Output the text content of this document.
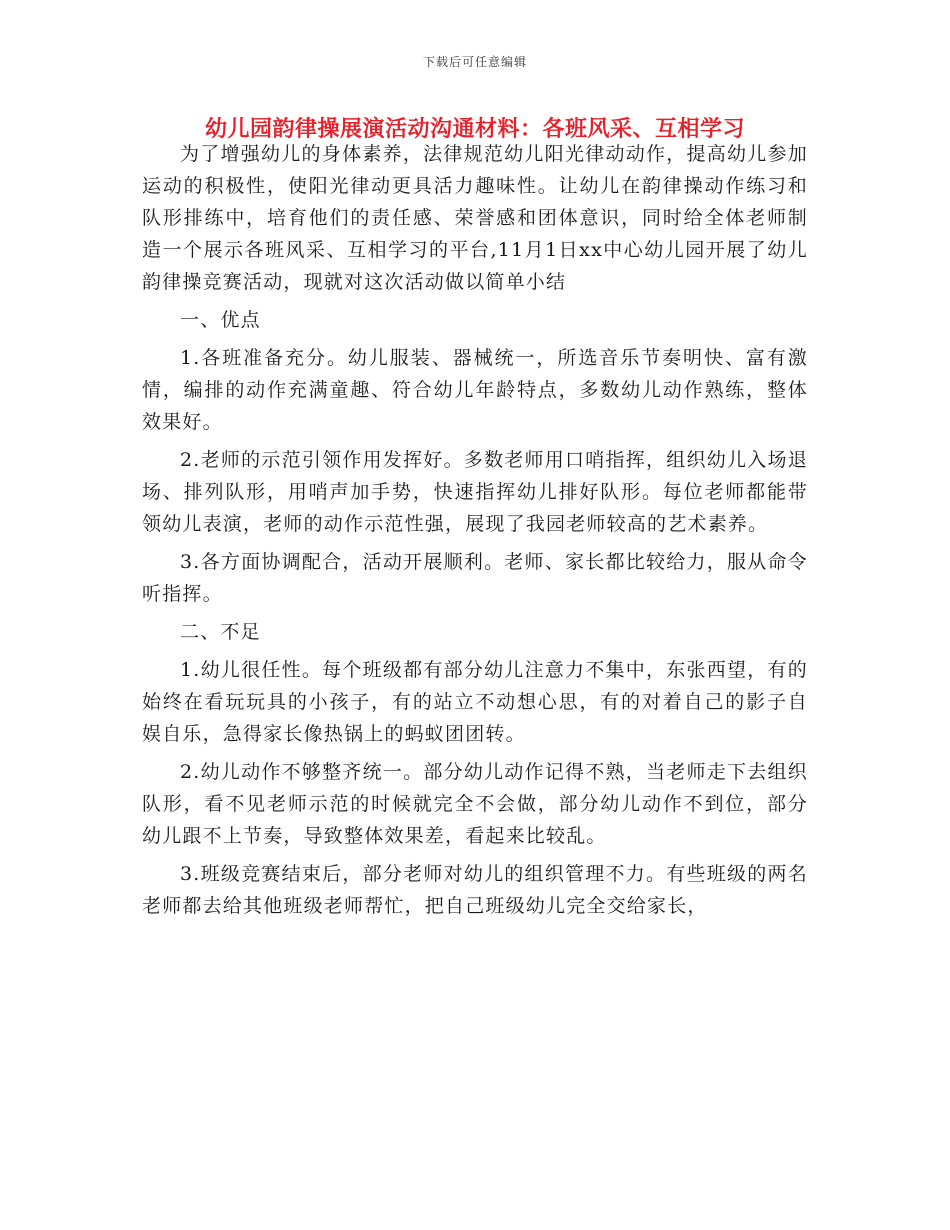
下载后可任意编辑
幼儿园韵律操展演活动沟通材料：各班风采、互相学习

为了增强幼儿的身体素养，法律规范幼儿阳光律动动作，提高幼儿参加运动的积极性，使阳光律动更具活力趣味性。让幼儿在韵律操动作练习和队形排练中，培育他们的责任感、荣誉感和团体意识，同时给全体老师制造一个展示各班风采、互相学习的平台,11月1日xx中心幼儿园开展了幼儿韵律操竞赛活动，现就对这次活动做以简单小结

一、优点

1.各班准备充分。幼儿服装、器械统一，所选音乐节奏明快、富有激情，编排的动作充满童趣、符合幼儿年龄特点，多数幼儿动作熟练，整体效果好。

2.老师的示范引领作用发挥好。多数老师用口哨指挥，组织幼儿入场退场、排列队形，用哨声加手势，快速指挥幼儿排好队形。每位老师都能带领幼儿表演，老师的动作示范性强，展现了我园老师较高的艺术素养。

3.各方面协调配合，活动开展顺利。老师、家长都比较给力，服从命令听指挥。

二、不足

1.幼儿很任性。每个班级都有部分幼儿注意力不集中，东张西望，有的始终在看玩玩具的小孩子，有的站立不动想心思，有的对着自己的影子自娱自乐，急得家长像热锅上的蚂蚁团团转。

2.幼儿动作不够整齐统一。部分幼儿动作记得不熟，当老师走下去组织队形，看不见老师示范的时候就完全不会做，部分幼儿动作不到位，部分幼儿跟不上节奏，导致整体效果差，看起来比较乱。

3.班级竞赛结束后，部分老师对幼儿的组织管理不力。有些班级的两名老师都去给其他班级老师帮忙，把自己班级幼儿完全交给家长，
